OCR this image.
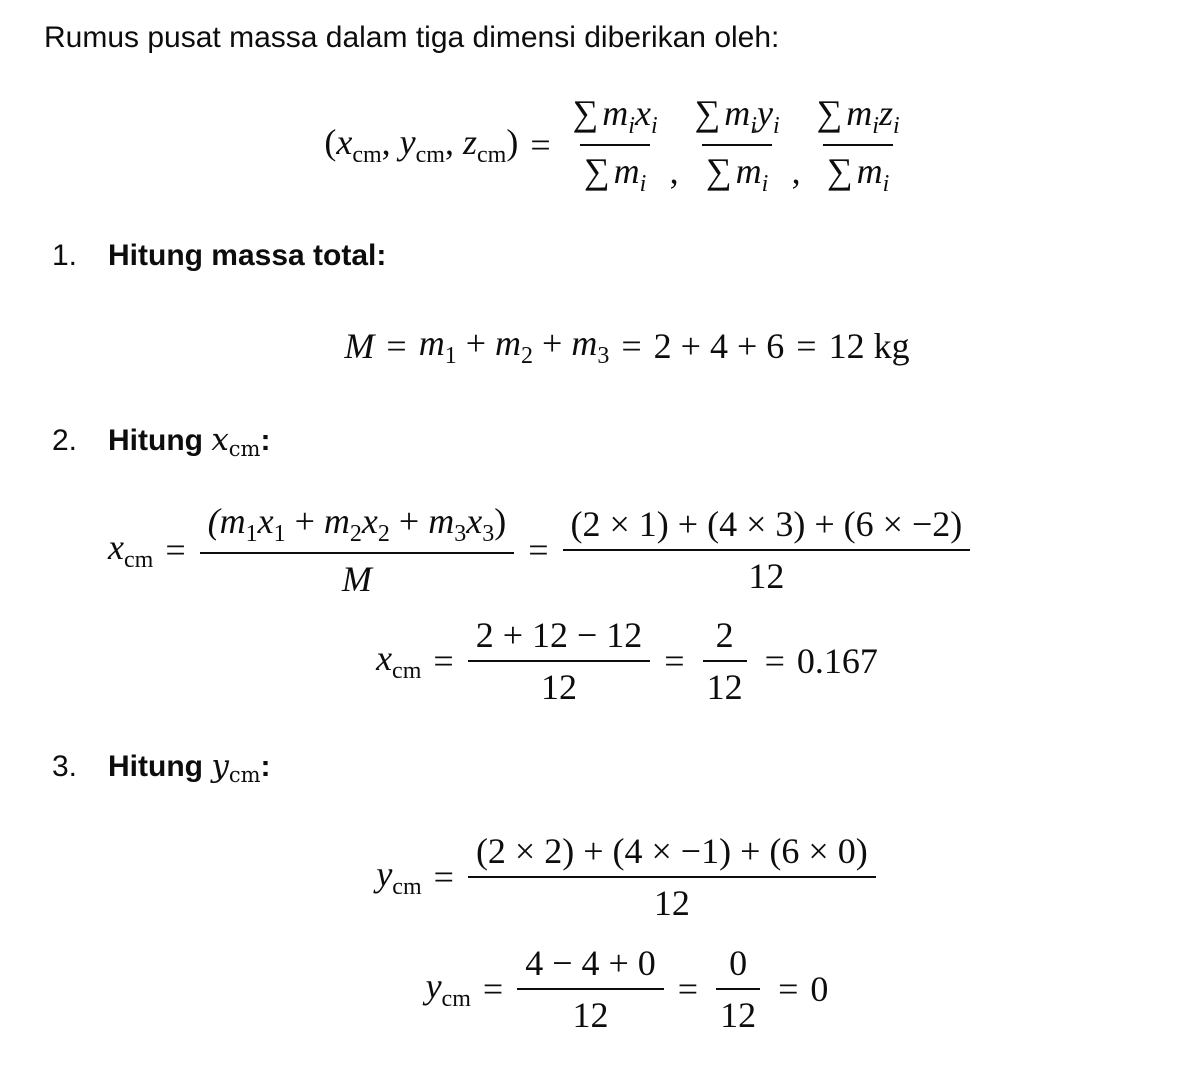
Rumus pusat massa dalam tiga dimensi diberikan oleh:

($x_{cm}$, $y_{cm}$, $z_{cm}) = \frac{\sum m_ix_i}{\sum m_i}$ , $\frac{\sum m_iy_i}{\sum m_i}$ , $\frac{\sum m_iz_i}{\sum m_i}$
1. Hitung massa total:
$M = m_1 + m_2 + m_3 = 2 + 4 + 6 = 12$
kg
2. Hitung $x_{cm}$:
$x_{cm} = \frac{(m_1x_1 + m_2x_2 + m_3x_3)}{M} = \frac{(2 \times 1) + (4 \times 3) + (6 \times -2)}{12}$
$x_{cm} = \frac{2 + 12 - 12}{12} = \frac{2}{12} = 0.167$
3. Hitung $y_{cm}$:
$y_{cm} = \frac{(2 \times 2) + (4 \times -1) + (6 \times 0)}{12}$
$y_{cm} = \frac{4 - 4 + 0}{12} = \frac{0}{12} = 0$
